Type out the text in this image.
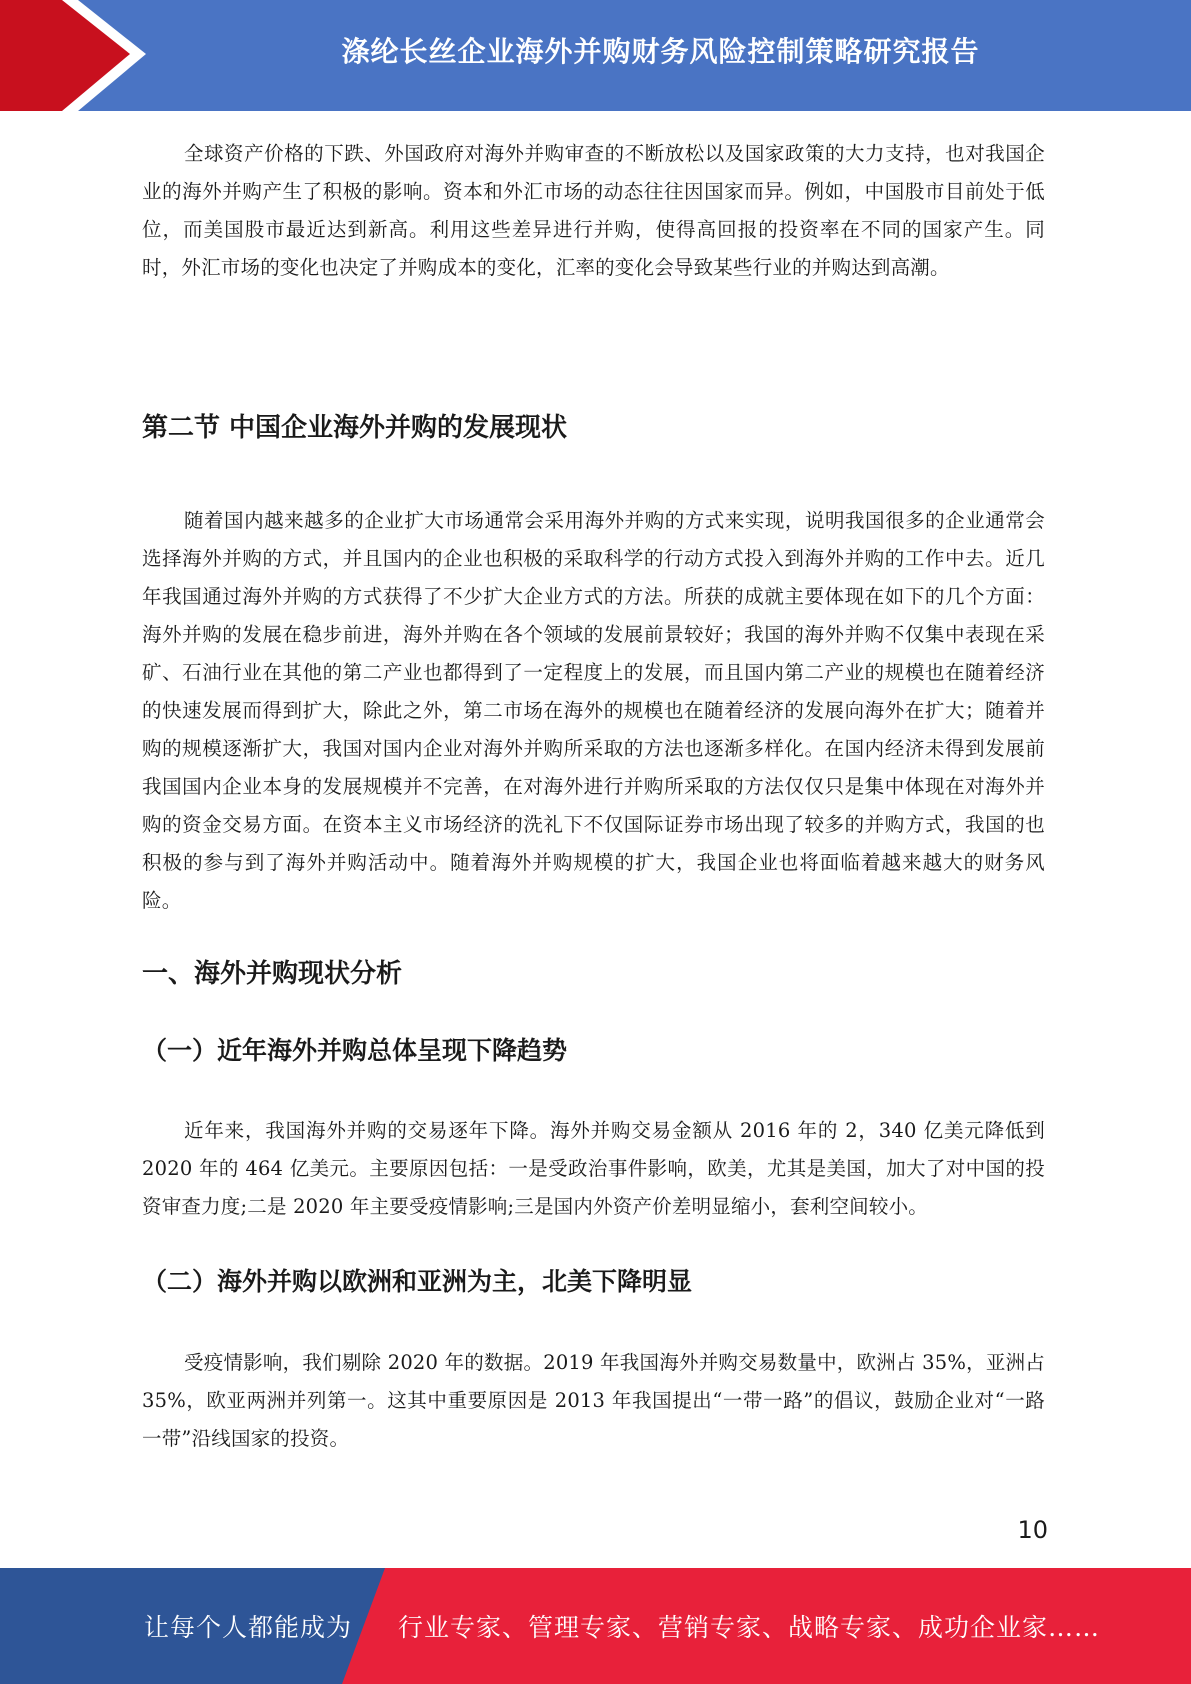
涤纶长丝企业海外并购财务风险控制策略研究报告

全球资产价格的下跌、外国政府对海外并购审查的不断放松以及国家政策的大力支持，也对我国企业的海外并购产生了积极的影响。资本和外汇市场的动态往往因国家而异。例如，中国股市目前处于低位，而美国股市最近达到新高。利用这些差异进行并购，使得高回报的投资率在不同的国家产生。同时，外汇市场的变化也决定了并购成本的变化，汇率的变化会导致某些行业的并购达到高潮。

第二节 中国企业海外并购的发展现状

随着国内越来越多的企业扩大市场通常会采用海外并购的方式来实现，说明我国很多的企业通常会选择海外并购的方式，并且国内的企业也积极的采取科学的行动方式投入到海外并购的工作中去。近几年我国通过海外并购的方式获得了不少扩大企业方式的方法。所获的成就主要体现在如下的几个方面：海外并购的发展在稳步前进，海外并购在各个领域的发展前景较好；我国的海外并购不仅集中表现在采矿、石油行业在其他的第二产业也都得到了一定程度上的发展，而且国内第二产业的规模也在随着经济的快速发展而得到扩大，除此之外，第二市场在海外的规模也在随着经济的发展向海外在扩大；随着并购的规模逐渐扩大，我国对国内企业对海外并购所采取的方法也逐渐多样化。在国内经济未得到发展前我国国内企业本身的发展规模并不完善，在对海外进行并购所采取的方法仅仅只是集中体现在对海外并购的资金交易方面。在资本主义市场经济的洗礼下不仅国际证券市场出现了较多的并购方式，我国的也积极的参与到了海外并购活动中。随着海外并购规模的扩大，我国企业也将面临着越来越大的财务风险。

一、海外并购现状分析
（一）近年海外并购总体呈现下降趋势

近年来，我国海外并购的交易逐年下降。海外并购交易金额从 2016 年的 2，340 亿美元降低到 2020 年的 464 亿美元。主要原因包括：一是受政治事件影响，欧美，尤其是美国，加大了对中国的投资审查力度;二是 2020 年主要受疫情影响;三是国内外资产价差明显缩小，套利空间较小。

（二）海外并购以欧洲和亚洲为主，北美下降明显

受疫情影响，我们剔除 2020 年的数据。2019 年我国海外并购交易数量中，欧洲占 35%，亚洲占 35%，欧亚两洲并列第一。这其中重要原因是 2013 年我国提出“一带一路”的倡议，鼓励企业对“一路一带”沿线国家的投资。

10
让每个人都能成为 行业专家、管理专家、营销专家、战略专家、成功企业家……
